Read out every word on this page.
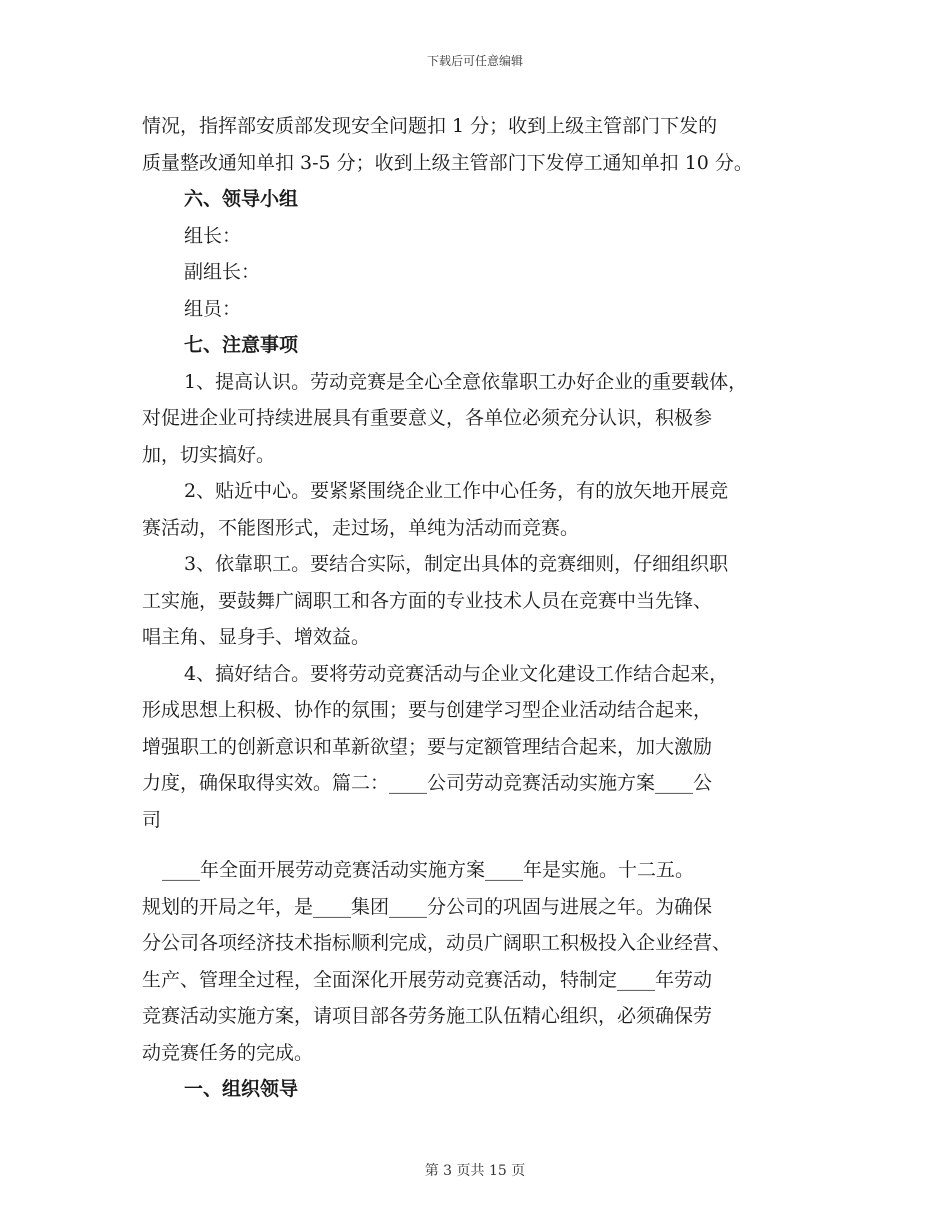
下载后可任意编辑
情况，指挥部安质部发现安全问题扣 1 分；收到上级主管部门下发的
质量整改通知单扣 3-5 分；收到上级主管部门下发停工通知单扣 10 分。
六、领导小组
组长：
副组长：
组员：
七、注意事项
1、提高认识。劳动竞赛是全心全意依靠职工办好企业的重要载体，
对促进企业可持续进展具有重要意义，各单位必须充分认识，积极参
加，切实搞好。
2、贴近中心。要紧紧围绕企业工作中心任务，有的放矢地开展竞
赛活动，不能图形式，走过场，单纯为活动而竞赛。
3、依靠职工。要结合实际，制定出具体的竞赛细则，仔细组织职
工实施，要鼓舞广阔职工和各方面的专业技术人员在竞赛中当先锋、
唱主角、显身手、增效益。
4、搞好结合。要将劳动竞赛活动与企业文化建设工作结合起来，
形成思想上积极、协作的氛围；要与创建学习型企业活动结合起来，
增强职工的创新意识和革新欲望；要与定额管理结合起来，加大激励
力度，确保取得实效。篇二：____公司劳动竞赛活动实施方案____公
司
____年全面开展劳动竞赛活动实施方案____年是实施。十二五。
规划的开局之年，是____集团____分公司的巩固与进展之年。为确保
分公司各项经济技术指标顺利完成，动员广阔职工积极投入企业经营、
生产、管理全过程，全面深化开展劳动竞赛活动，特制定____年劳动
竞赛活动实施方案，请项目部各劳务施工队伍精心组织，必须确保劳
动竞赛任务的完成。
一、组织领导
第 3 页共 15 页
